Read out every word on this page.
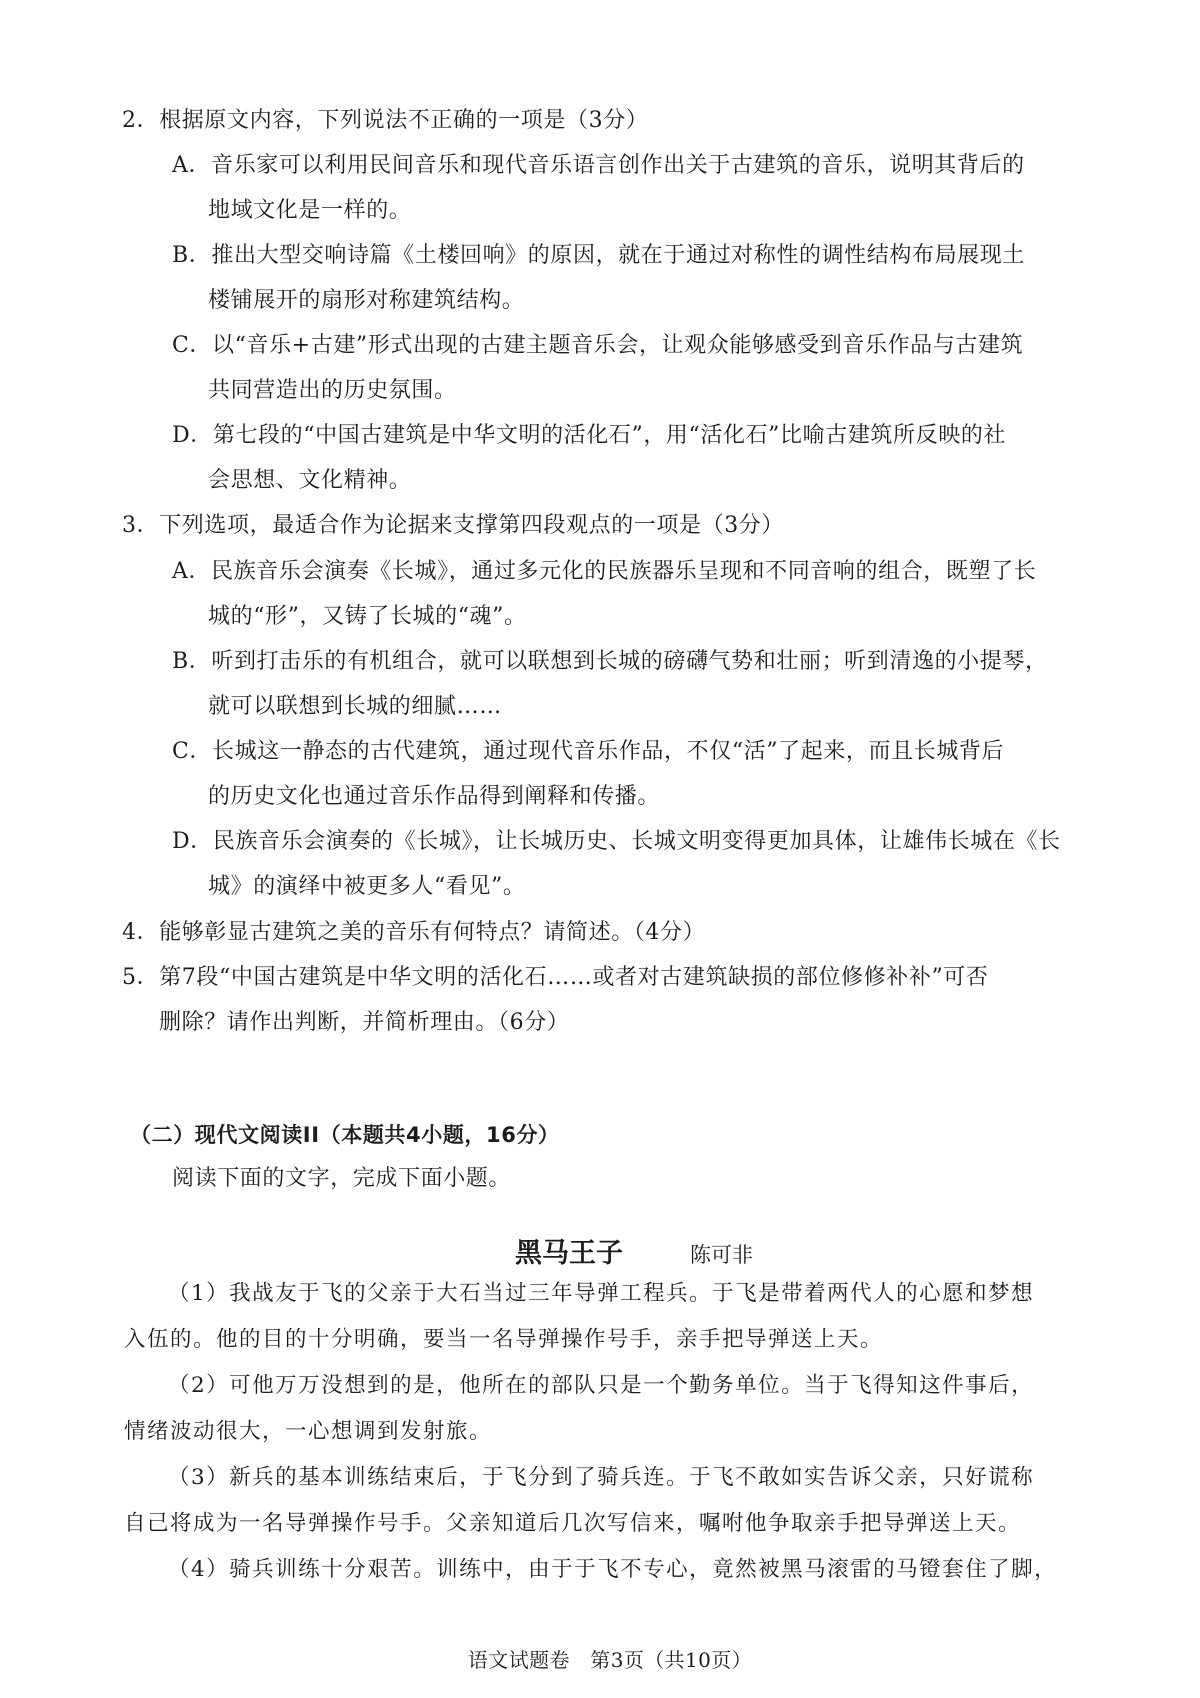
2．根据原文内容，下列说法不正确的一项是（3分）
A．音乐家可以利用民间音乐和现代音乐语言创作出关于古建筑的音乐，说明其背后的
地域文化是一样的。
B．推出大型交响诗篇《土楼回响》的原因，就在于通过对称性的调性结构布局展现土
楼铺展开的扇形对称建筑结构。
C．以“音乐+古建”形式出现的古建主题音乐会，让观众能够感受到音乐作品与古建筑
共同营造出的历史氛围。
D．第七段的“中国古建筑是中华文明的活化石”，用“活化石”比喻古建筑所反映的社
会思想、文化精神。
3．下列选项，最适合作为论据来支撑第四段观点的一项是（3分）
A．民族音乐会演奏《长城》，通过多元化的民族器乐呈现和不同音响的组合，既塑了长
城的“形”，又铸了长城的“魂”。
B．听到打击乐的有机组合，就可以联想到长城的磅礴气势和壮丽；听到清逸的小提琴，
就可以联想到长城的细腻……
C．长城这一静态的古代建筑，通过现代音乐作品，不仅“活”了起来，而且长城背后
的历史文化也通过音乐作品得到阐释和传播。
D．民族音乐会演奏的《长城》，让长城历史、长城文明变得更加具体，让雄伟长城在《长
城》的演绎中被更多人“看见”。
4．能够彰显古建筑之美的音乐有何特点？请简述。（4分）
5．第7段“中国古建筑是中华文明的活化石……或者对古建筑缺损的部位修修补补”可否
删除？请作出判断，并简析理由。（6分）
（二）现代文阅读II（本题共4小题，16分）
阅读下面的文字，完成下面小题。
黑马王子	陈可非
（1）我战友于飞的父亲于大石当过三年导弹工程兵。于飞是带着两代人的心愿和梦想
入伍的。他的目的十分明确，要当一名导弹操作号手，亲手把导弹送上天。
（2）可他万万没想到的是，他所在的部队只是一个勤务单位。当于飞得知这件事后，
情绪波动很大，一心想调到发射旅。
（3）新兵的基本训练结束后，于飞分到了骑兵连。于飞不敢如实告诉父亲，只好谎称
自己将成为一名导弹操作号手。父亲知道后几次写信来，嘱咐他争取亲手把导弹送上天。
（4）骑兵训练十分艰苦。训练中，由于于飞不专心，竟然被黑马滚雷的马镫套住了脚，
语文试题卷　第3页（共10页）
